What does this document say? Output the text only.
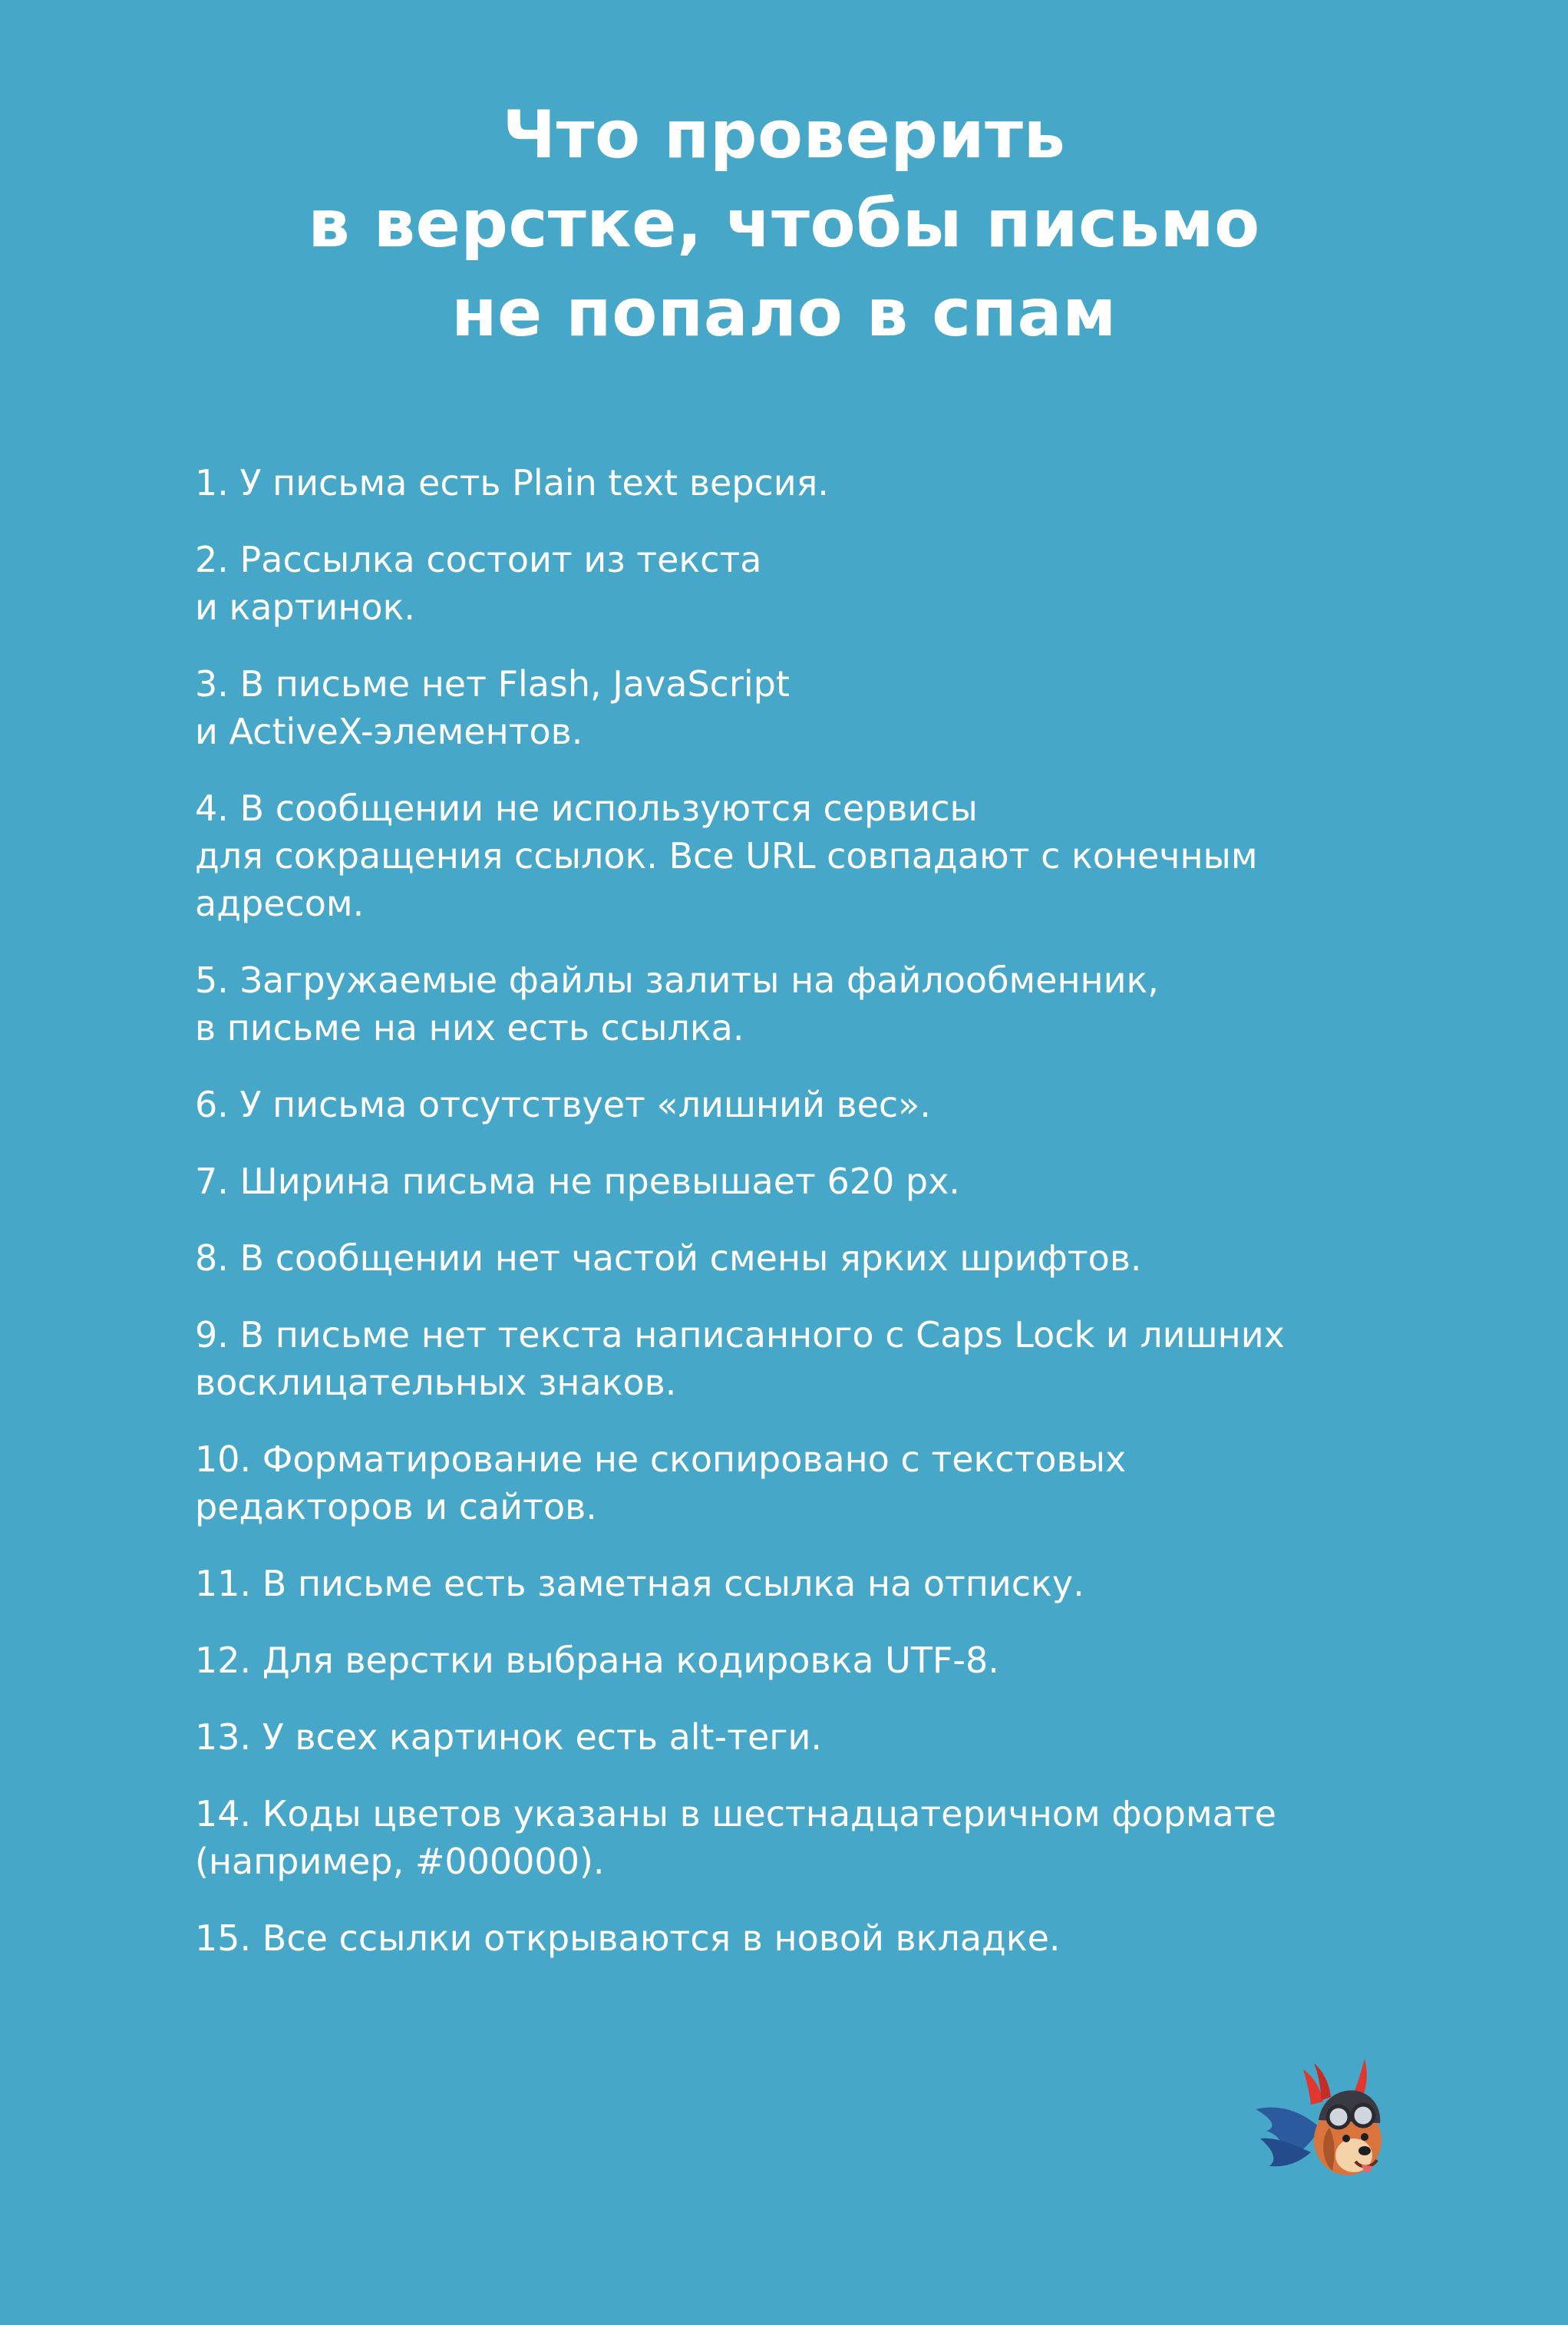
Что проверить
в верстке, чтобы письмо
не попало в спам
1. У письма есть Plain text версия.
2. Рассылка состоит из текста
и картинок.
3. В письме нет Flash, JavaScript
и ActiveX-элементов.
4. В сообщении не используются сервисы
для сокращения ссылок. Все URL совпадают с конечным
адресом.
5. Загружаемые файлы залиты на файлообменник,
в письме на них есть ссылка.
6. У письма отсутствует «лишний вес».
7. Ширина письма не превышает 620 px.
8. В сообщении нет частой смены ярких шрифтов.
9. В письме нет текста написанного с Caps Lock и лишних
восклицательных знаков.
10. Форматирование не скопировано с текстовых
редакторов и сайтов.
11. В письме есть заметная ссылка на отписку.
12. Для верстки выбрана кодировка UTF-8.
13. У всех картинок есть alt-теги.
14. Коды цветов указаны в шестнадцатеричном формате
(например, #000000).
15. Все ссылки открываются в новой вкладке.
